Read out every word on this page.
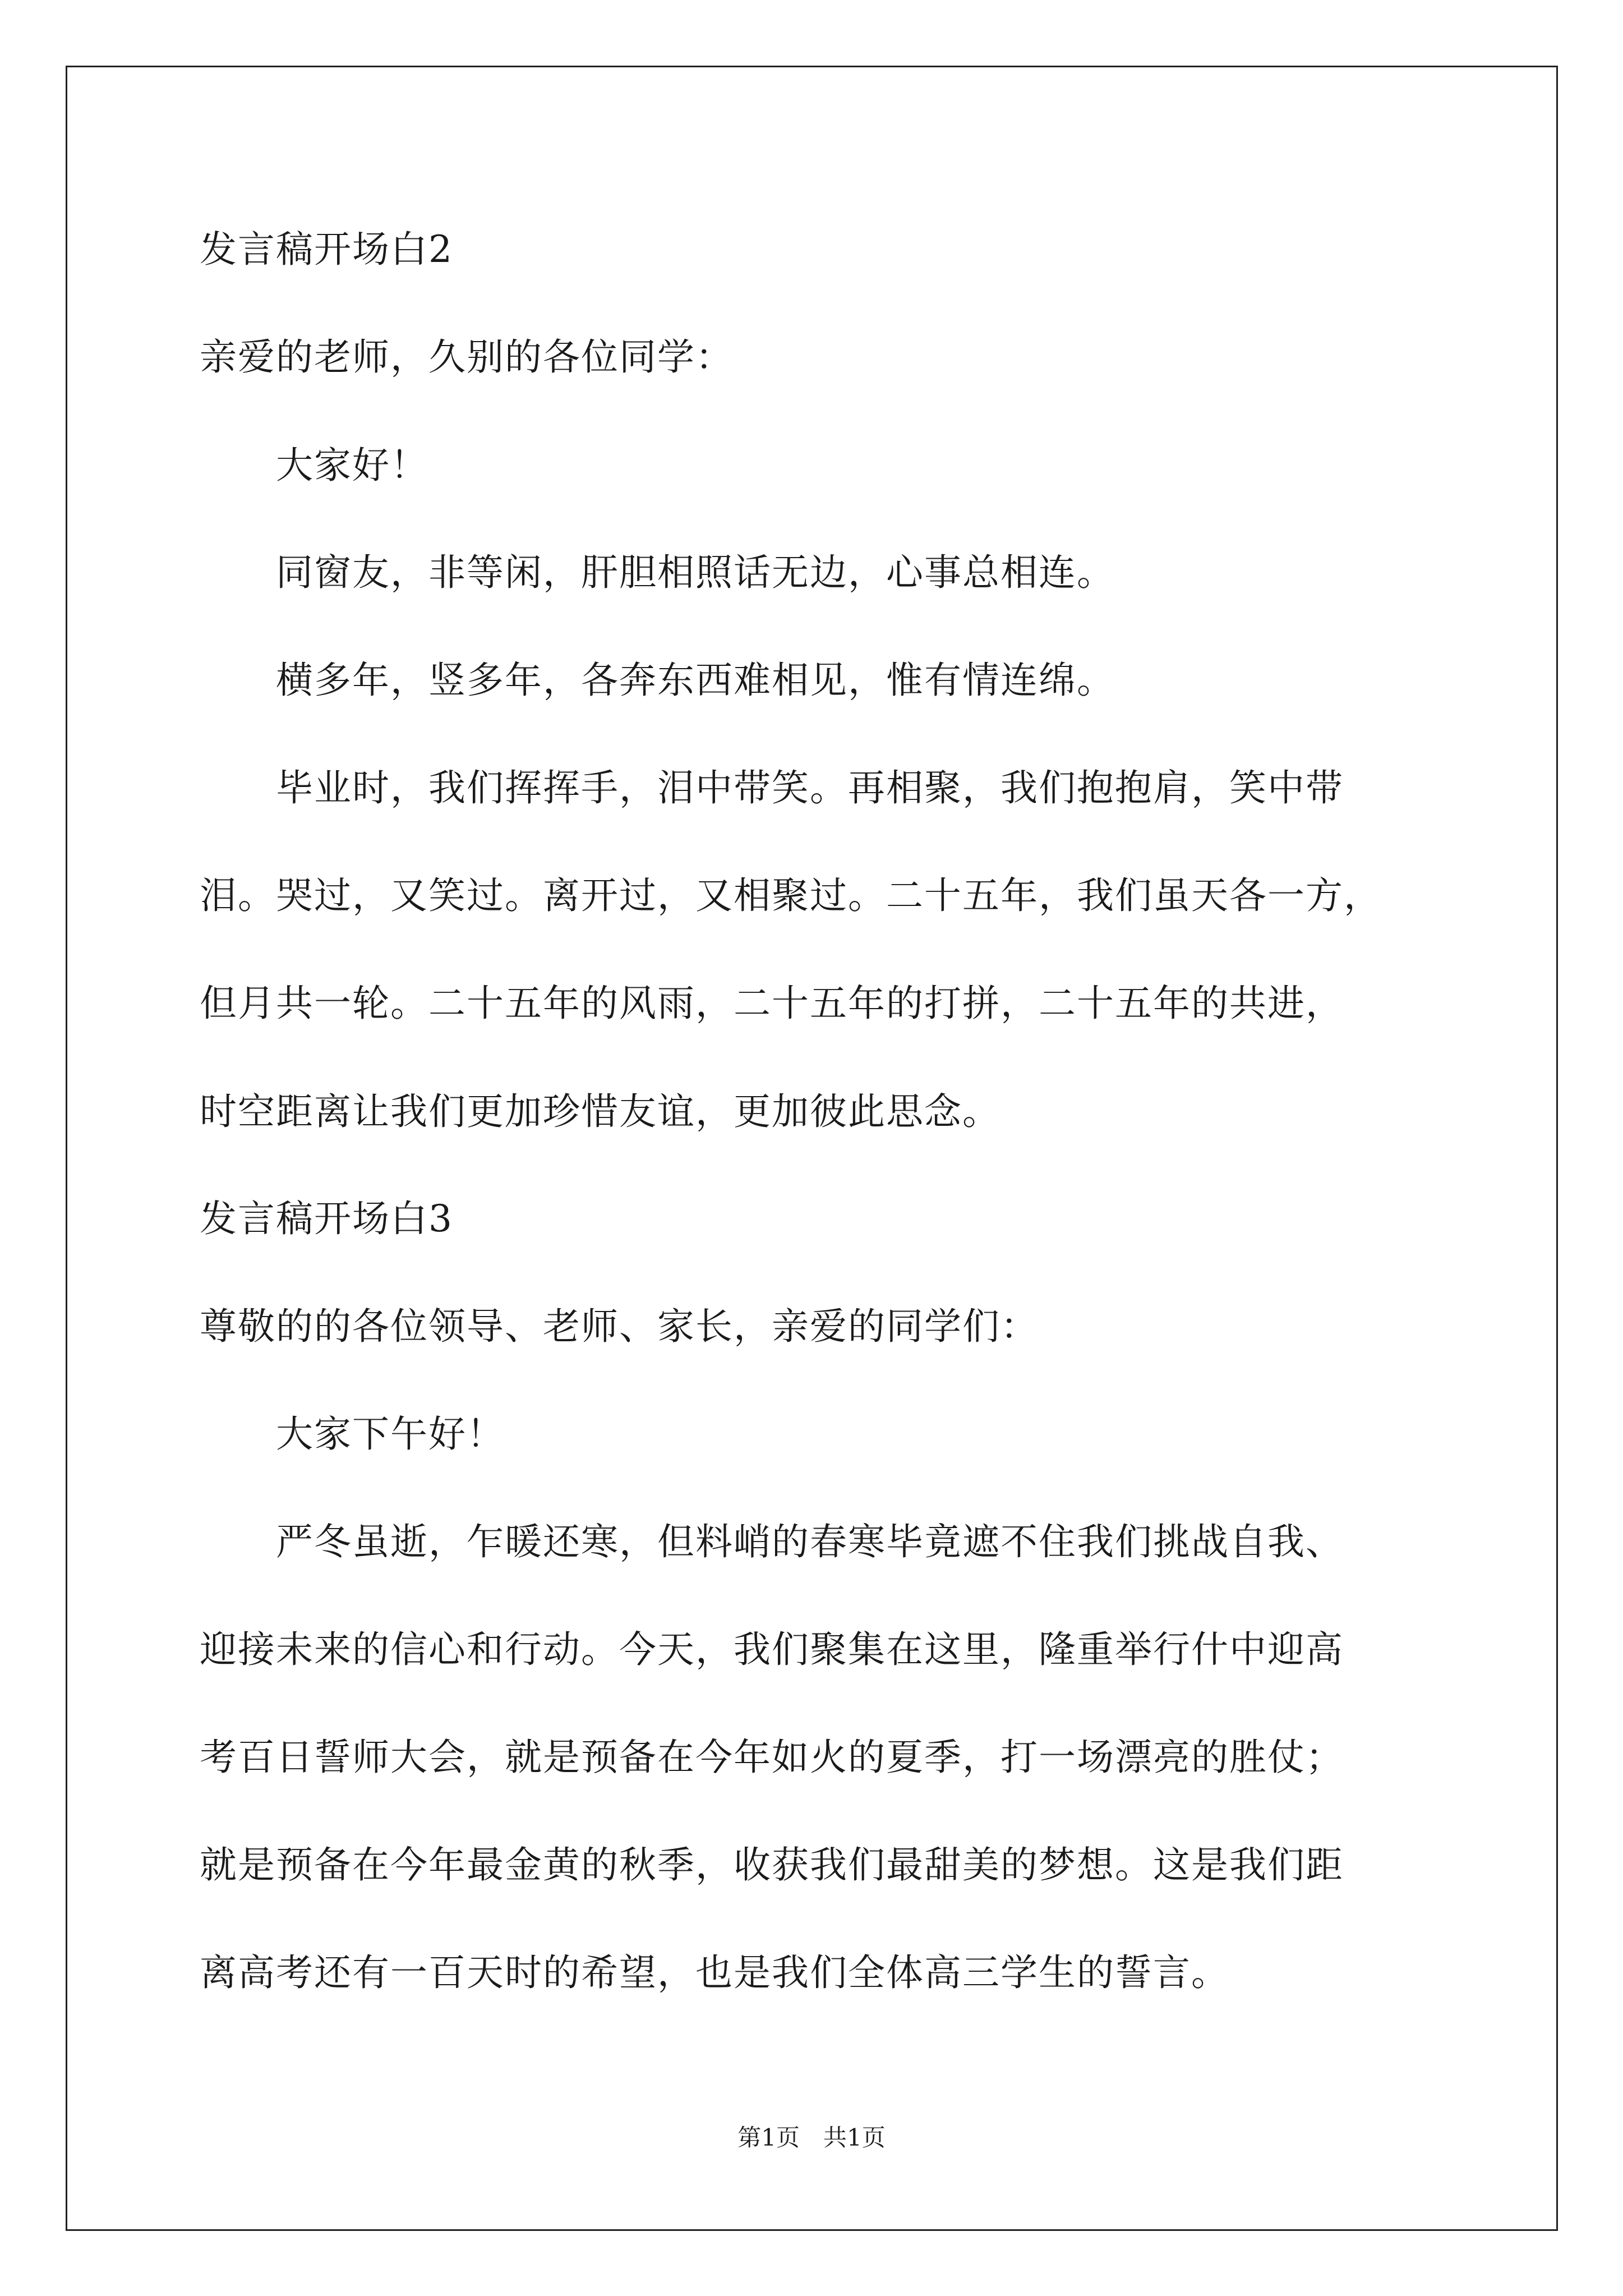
发言稿开场白2
亲爱的老师，久别的各位同学：
　　大家好！
　　同窗友，非等闲，肝胆相照话无边，心事总相连。
　　横多年，竖多年，各奔东西难相见，惟有情连绵。
　　毕业时，我们挥挥手，泪中带笑。再相聚，我们抱抱肩，笑中带
泪。哭过，又笑过。离开过，又相聚过。二十五年，我们虽天各一方，
但月共一轮。二十五年的风雨，二十五年的打拼，二十五年的共进，
时空距离让我们更加珍惜友谊，更加彼此思念。
发言稿开场白3
尊敬的的各位领导、老师、家长，亲爱的同学们：
　　大家下午好！
　　严冬虽逝，乍暖还寒，但料峭的春寒毕竟遮不住我们挑战自我、
迎接未来的信心和行动。今天，我们聚集在这里，隆重举行什中迎高
考百日誓师大会，就是预备在今年如火的夏季，打一场漂亮的胜仗；
就是预备在今年最金黄的秋季，收获我们最甜美的梦想。这是我们距
离高考还有一百天时的希望，也是我们全体高三学生的誓言。
第1页　共1页
